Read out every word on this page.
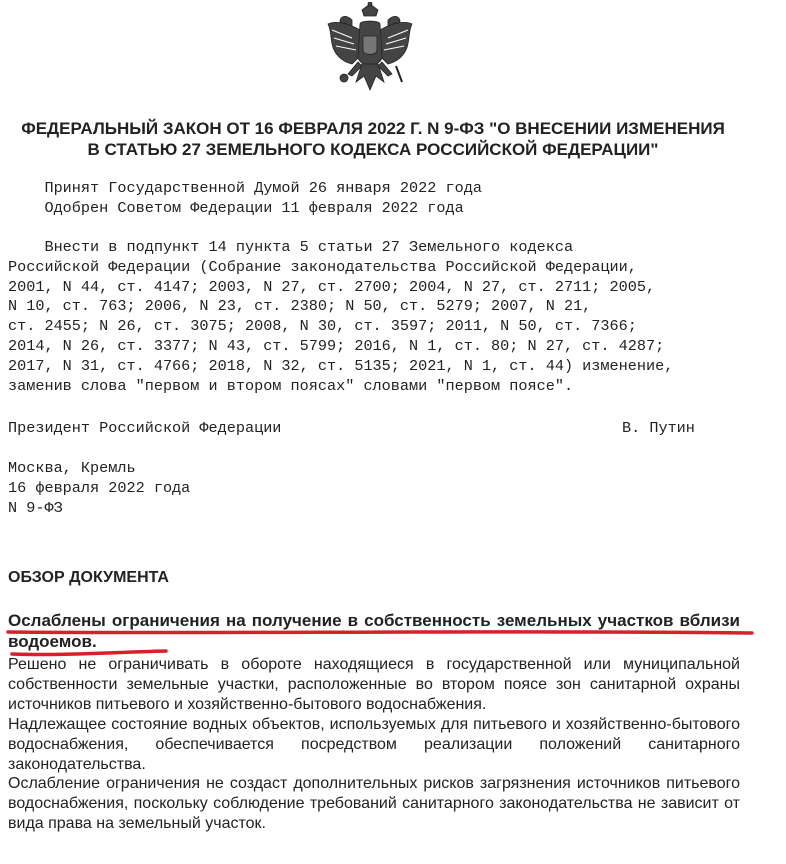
ФЕДЕРАЛЬНЫЙ ЗАКОН ОТ 16 ФЕВРАЛЯ 2022 Г. N 9-ФЗ "О ВНЕСЕНИИ ИЗМЕНЕНИЯ
В СТАТЬЮ 27 ЗЕМЕЛЬНОГО КОДЕКСА РОССИЙСКОЙ ФЕДЕРАЦИИ"
Принят Государственной Думой 26 января 2022 года
Одобрен Советом Федерации 11 февраля 2022 года
Внести в подпункт 14 пункта 5 статьи 27 Земельного кодекса
Российской Федерации (Собрание законодательства Российской Федерации,
2001, N 44, ст. 4147; 2003, N 27, ст. 2700; 2004, N 27, ст. 2711; 2005,
N 10, ст. 763; 2006, N 23, ст. 2380; N 50, ст. 5279; 2007, N 21,
ст. 2455; N 26, ст. 3075; 2008, N 30, ст. 3597; 2011, N 50, ст. 7366;
2014, N 26, ст. 3377; N 43, ст. 5799; 2016, N 1, ст. 80; N 27, ст. 4287;
2017, N 31, ст. 4766; 2018, N 32, ст. 5135; 2021, N 1, ст. 44) изменение,
заменив слова "первом и втором поясах" словами "первом поясе".
Президент Российской Федерации	В. Путин
Москва, Кремль
16 февраля 2022 года
N 9-ФЗ
ОБЗОР ДОКУМЕНТА
Ослаблены ограничения на получение в собственность земельных участков вблизи водоемов.

Решено не ограничивать в обороте находящиеся в государственной или муниципальной собственности земельные участки, расположенные во втором поясе зон санитарной охраны источников питьевого и хозяйственно-бытового водоснабжения.

Надлежащее состояние водных объектов, используемых для питьевого и хозяйственно-бытового водоснабжения, обеспечивается посредством реализации положений санитарного законодательства.

Ослабление ограничения не создаст дополнительных рисков загрязнения источников питьевого водоснабжения, поскольку соблюдение требований санитарного законодательства не зависит от вида права на земельный участок.
